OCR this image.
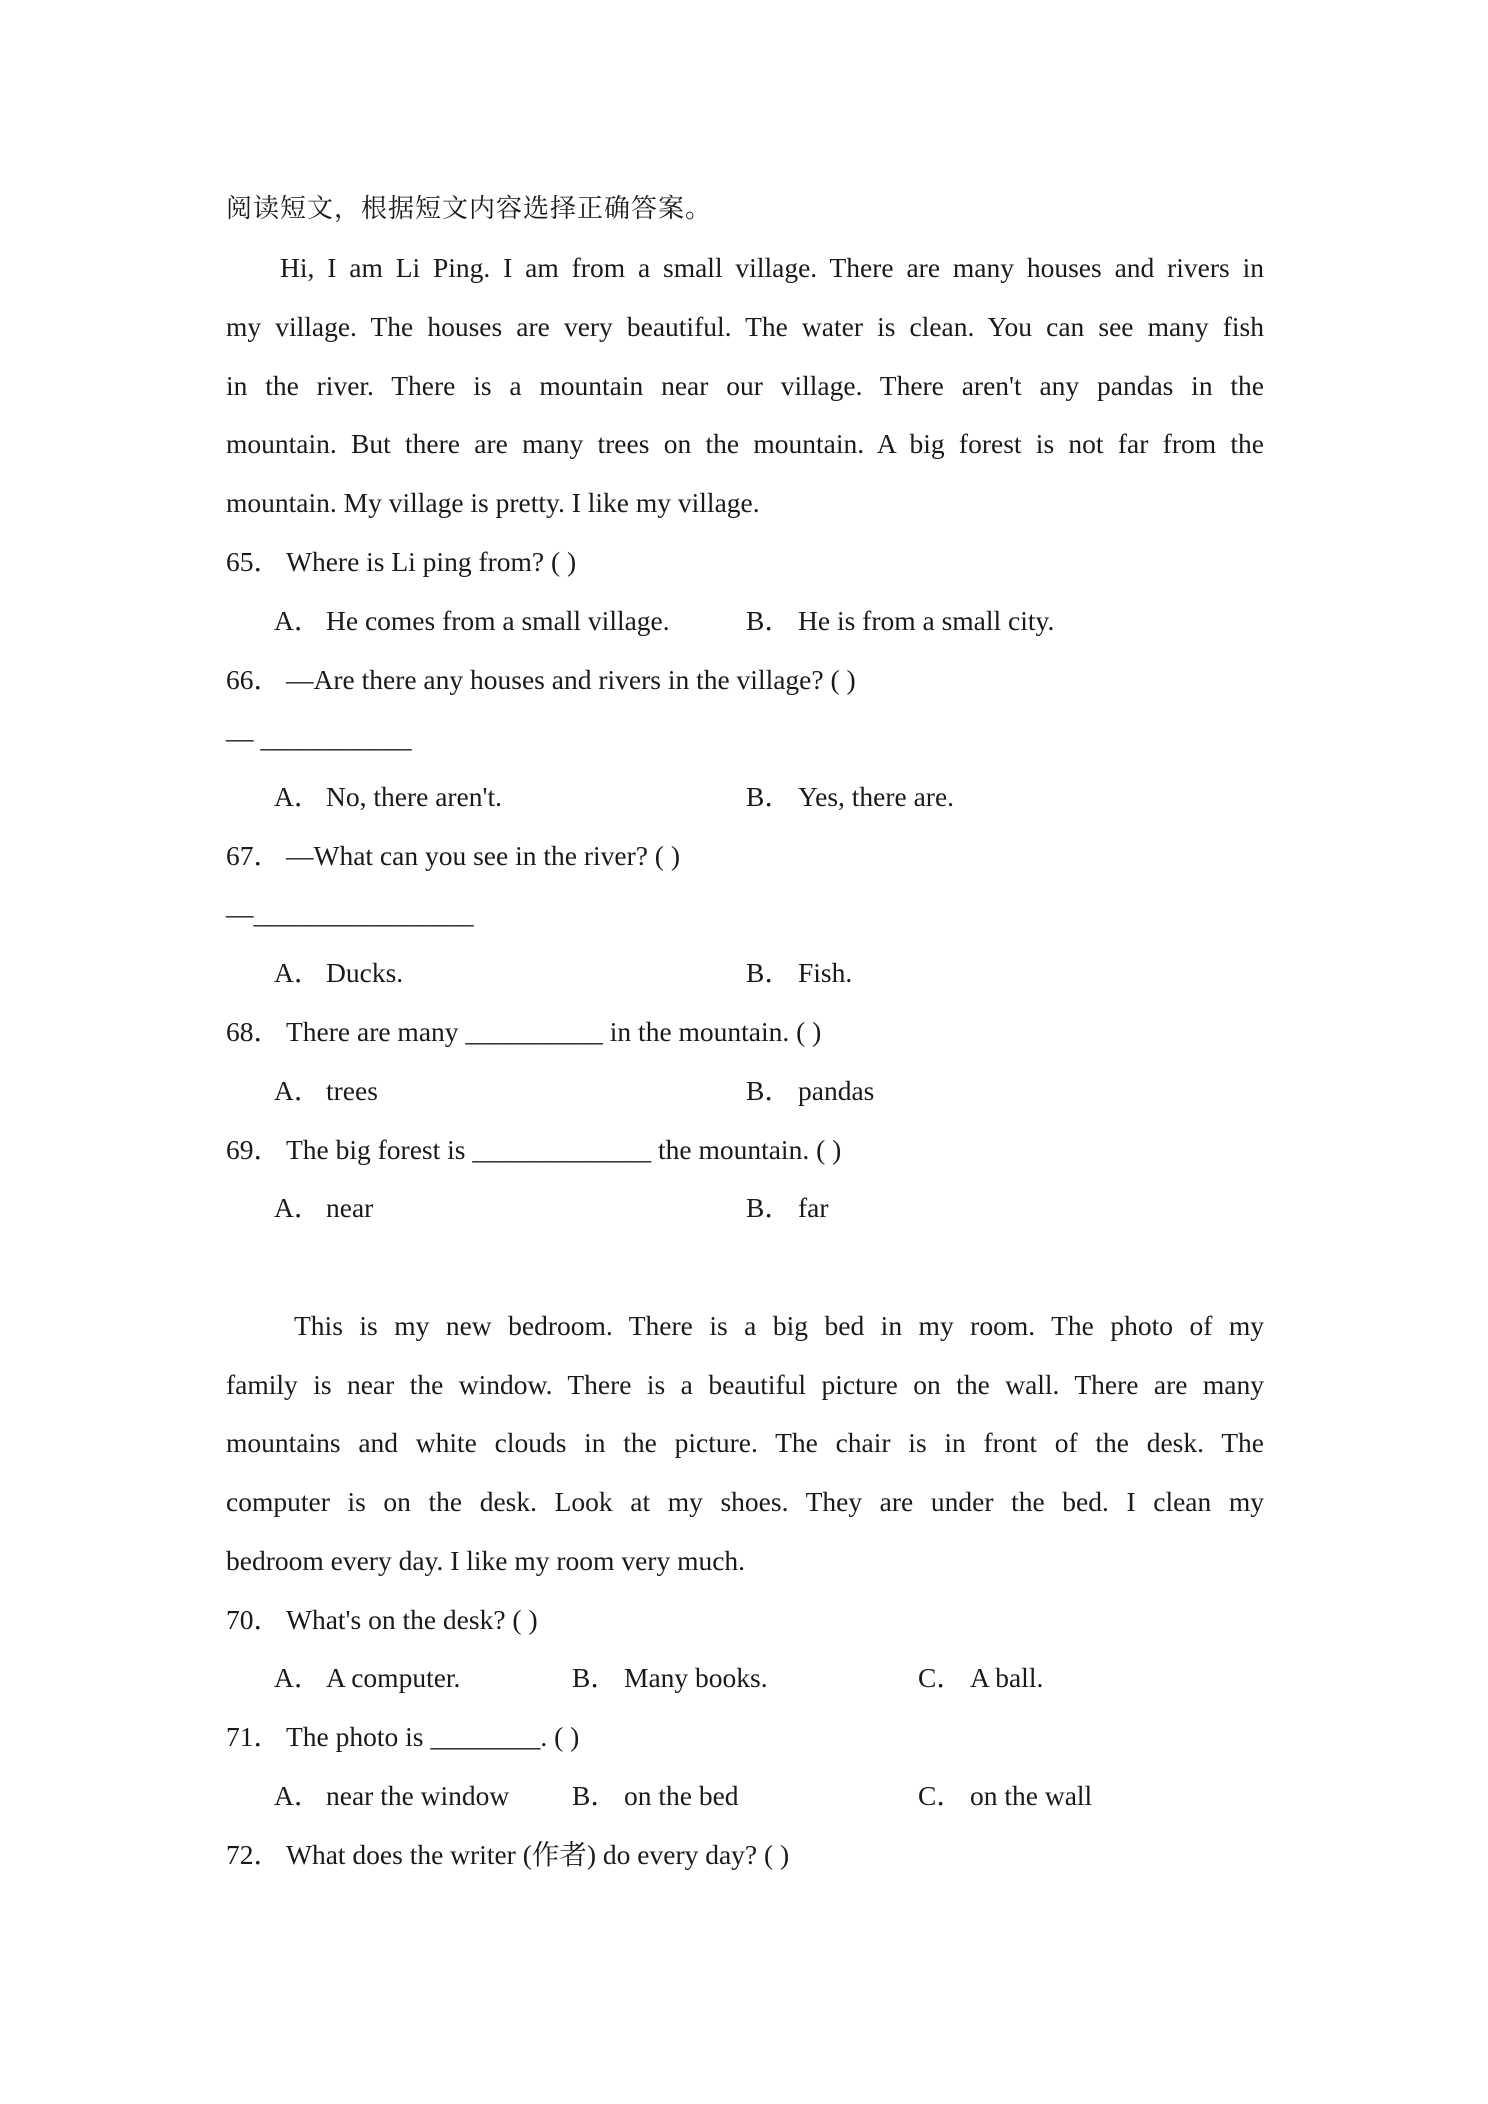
阅读短文，根据短文内容选择正确答案。
Hi, I am Li Ping. I am from a small village. There are many houses and rivers in
my village. The houses are very beautiful. The water is clean. You can see many fish
in the river. There is a mountain near our village. There aren't any pandas in the
mountain. But there are many trees on the mountain. A big forest is not far from the
mountain. My village is pretty. I like my village.
65． Where is Li ping from? ( )
A． He comes from a small village.	B． He is from a small city.
66． —Are there any houses and rivers in the village? ( )
— ___________
A． No, there aren't.	B． Yes, there are.
67． —What can you see in the river? ( )
—________________
A． Ducks.	B． Fish.
68． There are many __________ in the mountain. ( )
A． trees	B． pandas
69． The big forest is _____________ the mountain. ( )
A． near	B． far
This is my new bedroom. There is a big bed in my room. The photo of my
family is near the window. There is a beautiful picture on the wall. There are many
mountains and white clouds in the picture. The chair is in front of the desk. The
computer is on the desk. Look at my shoes. They are under the bed. I clean my
bedroom every day. I like my room very much.
70． What's on the desk? ( )
A． A computer.	B． Many books.	C． A ball.
71． The photo is ________. ( )
A． near the window B． on the bed	C． on the wall
72． What does the writer (作者) do every day? ( )
